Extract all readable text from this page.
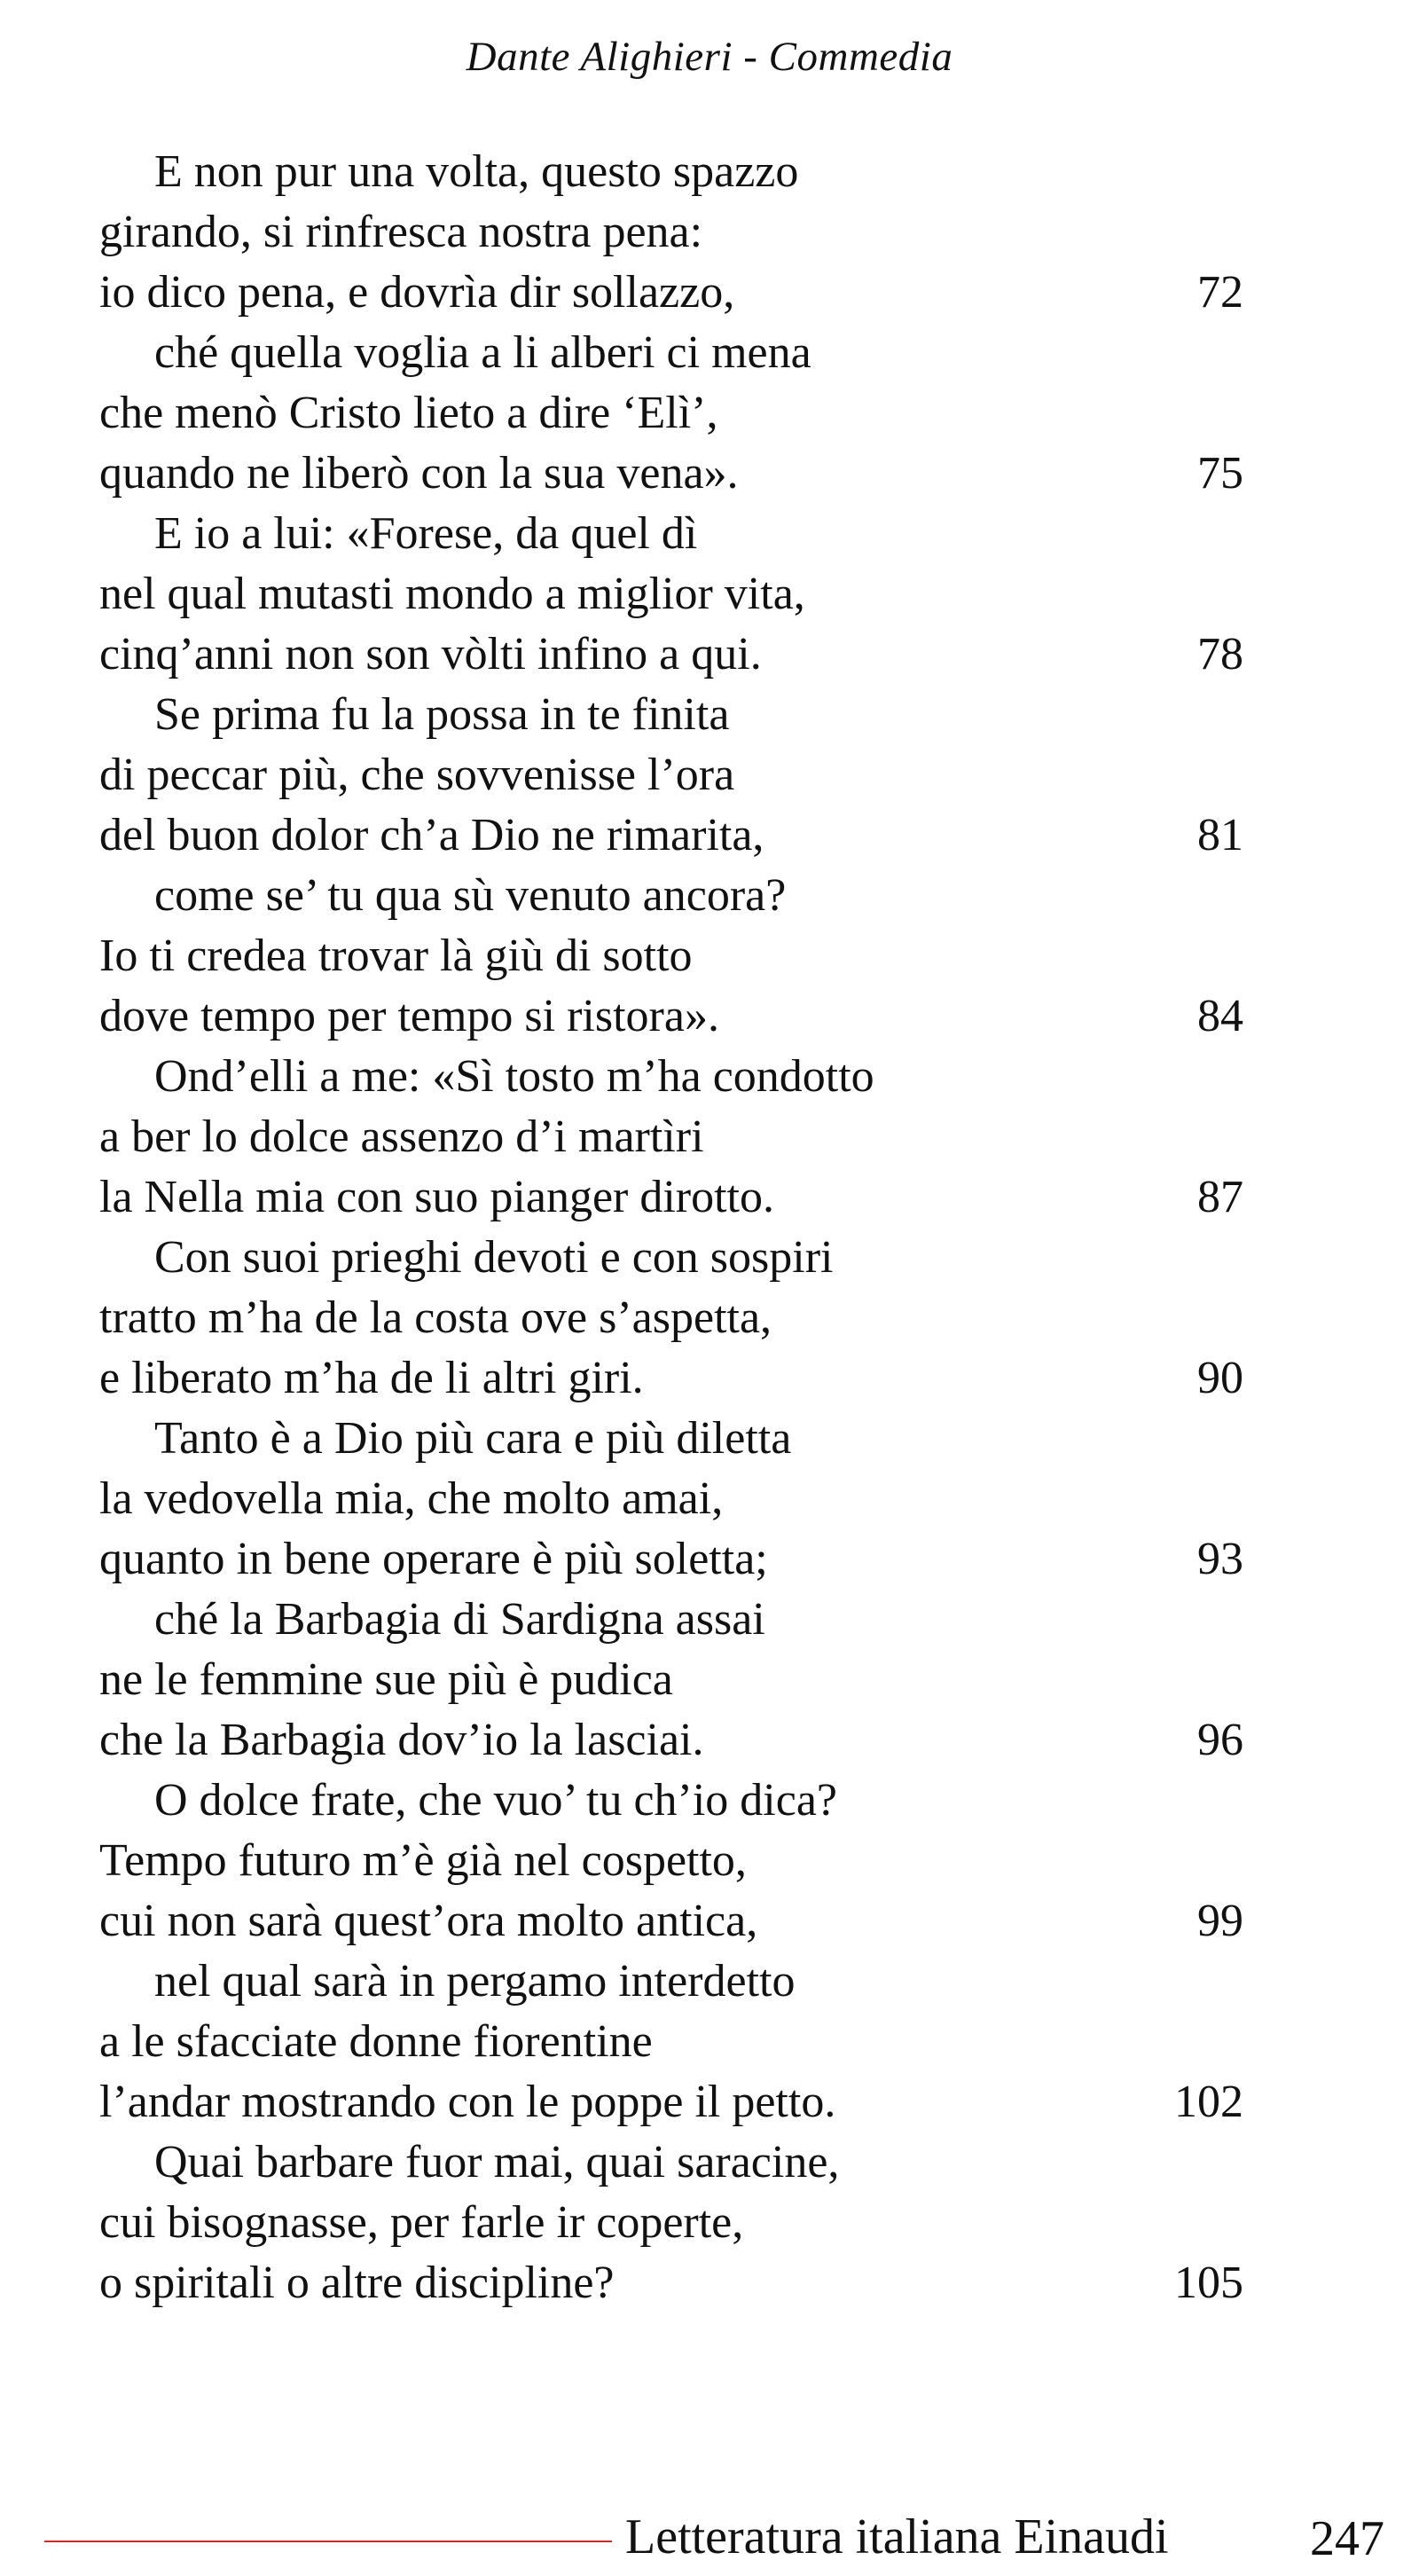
Dante Alighieri - Commedia
E non pur una volta, questo spazzo
girando, si rinfresca nostra pena:
io dico pena, e dovrìa dir sollazzo,	72
ché quella voglia a li alberi ci mena
che menò Cristo lieto a dire ‘Elì’,
quando ne liberò con la sua vena».	75
E io a lui: «Forese, da quel dì
nel qual mutasti mondo a miglior vita,
cinq’anni non son vòlti infino a qui.	78
Se prima fu la possa in te finita
di peccar più, che sovvenisse l’ora
del buon dolor ch’a Dio ne rimarita,	81
come se’ tu qua sù venuto ancora?
Io ti credea trovar là giù di sotto
dove tempo per tempo si ristora».	84
Ond’elli a me: «Sì tosto m’ha condotto
a ber lo dolce assenzo d’i martìri
la Nella mia con suo pianger dirotto.	87
Con suoi prieghi devoti e con sospiri
tratto m’ha de la costa ove s’aspetta,
e liberato m’ha de li altri giri.	90
Tanto è a Dio più cara e più diletta
la vedovella mia, che molto amai,
quanto in bene operare è più soletta;	93
ché la Barbagia di Sardigna assai
ne le femmine sue più è pudica
che la Barbagia dov’io la lasciai.	96
O dolce frate, che vuo’ tu ch’io dica?
Tempo futuro m’è già nel cospetto,
cui non sarà quest’ora molto antica,	99
nel qual sarà in pergamo interdetto
a le sfacciate donne fiorentine
l’andar mostrando con le poppe il petto.	102
Quai barbare fuor mai, quai saracine,
cui bisognasse, per farle ir coperte,
o spiritali o altre discipline?	105
Letteratura italiana Einaudi	247
